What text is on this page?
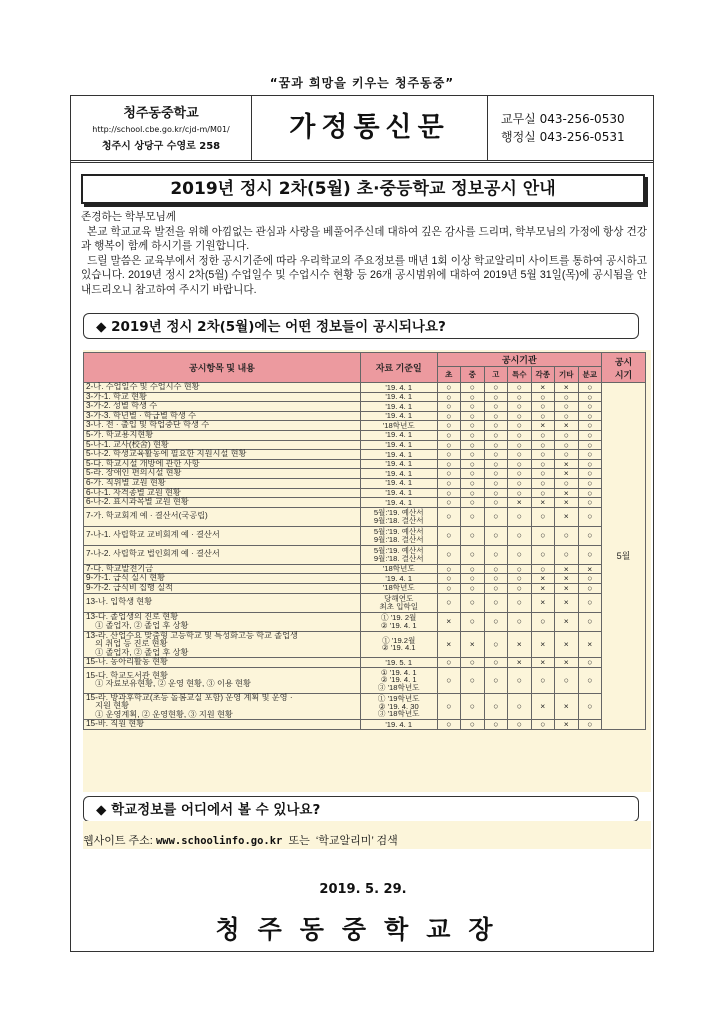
“꿈과 희망을 키우는 청주동중”
청주동중학교
http://school.cbe.go.kr/cjd-m/M01/
청주시 상당구 수영로 258
가정통신문	교무실 043-256-0530
행정실 043-256-0531
2019년 정시 2차(5월) 초·중등학교 정보공시 안내

존경하는 학부모님께

본교 학교교육 발전을 위해 아낌없는 관심과 사랑을 베풀어주신데 대하여 깊은 감사를 드리며, 학부모님의 가정에 항상 건강과 행복이 함께 하시기를 기원합니다.

드릴 말씀은 교육부에서 정한 공시기준에 따라 우리학교의 주요정보를 매년 1회 이상 학교알리미 사이트를 통하여 공시하고 있습니다. 2019년 정시 2차(5월) 수업일수 및 수업시수 현황 등 26개 공시범위에 대하여 2019년 5월 31일(목)에 공시됨을 안내드리오니 참고하여 주시기 바랍니다.

◆ 2019년 정시 2차(5월)에는 어떤 정보들이 공시되나요?
공시항목 및 내용	자료 기준일	공시기관							공시
시기
		초	중	고	특수	각종	기타	분교	
2-나. 수업일수 및 수업시수 현황	'19. 4. 1	○	○	○	○	×	×	○	5월
3-가-1. 학교 현황	'19. 4. 1	○	○	○	○	○	○	○	
3-가-2. 성별 학생 수	'19. 4. 1	○	○	○	○	○	○	○	
3-가-3. 학년별 · 학급별 학생 수	'19. 4. 1	○	○	○	○	○	○	○	
3-나. 전 · 출입 및 학업중단 학생 수	'18학년도	○	○	○	○	×	×	○	
5-가. 학교용지현황	'19. 4. 1	○	○	○	○	○	○	○	
5-나-1. 교사(校舍) 현황	'19. 4. 1	○	○	○	○	○	○	○	
5-나-2. 학생교육활동에 필요한 지원시설 현황	'19. 4. 1	○	○	○	○	○	○	○	
5-다. 학교시설 개방에 관한 사항	'19. 4. 1	○	○	○	○	○	×	○	
5-라. 장애인 편의시설 현황	'19. 4. 1	○	○	○	○	○	×	○	
6-가. 직위별 교원 현황	'19. 4. 1	○	○	○	○	○	○	○	
6-나-1. 자격종별 교원 현황	'19. 4. 1	○	○	○	○	○	×	○	
6-나-2. 표시과목별 교원 현황	'19. 4. 1	○	○	○	×	×	×	○	
7-가. 학교회계 예 · 결산서(국공립)	5월:'19. 예산서
9월:'18. 결산서	○	○	○	○	○	×	○	
7-나-1. 사립학교 교비회계 예 · 결산서	5월:'19. 예산서
9월:'18. 결산서	○	○	○	○	○	○	○	
7-나-2. 사립학교 법인회계 예 · 결산서	5월:'19. 예산서
9월:'18. 결산서	○	○	○	○	○	○	○	
7-다. 학교발전기금	'18학년도	○	○	○	○	○	×	×	
9-가-1. 급식 실시 현황	'19. 4. 1	○	○	○	○	×	×	○	
9-가-2. 급식비 집행 실적	'18학년도	○	○	○	○	×	×	○	
13-나. 입학생 현황	당해연도
최초 입학일	○	○	○	○	×	×	○	
13-다. 졸업생의 진로 현황
① 졸업자, ② 졸업 후 상황	① '19. 2월
② '19. 4. 1	×	○	○	○	○	×	○	
13-라. 산업수요 맞춤형 고등학교 및 특성화고등 학교 졸업생
의 취업 등 진로 현황
① 졸업자, ② 졸업 후 상황	① '19.2월
② '19. 4.1	×	×	○	×	×	×	×	
15-나. 동아리활동 현황	'19. 5. 1	○	○	○	×	×	×	○	
15-다. 학교도서관 현황
① 자료보유현황, ② 운영 현황, ③ 이용 현황	① '19. 4. 1
② '19. 4. 1
③ '18학년도	○	○	○	○	○	○	○	
15-라. 방과후학교(초등 돌봄교실 포함) 운영 계획 및 운영 ·
지원 현황
① 운영계획, ② 운영현황, ③ 지원 현황	① '19학년도
② '19. 4. 30
③ '18학년도	○	○	○	○	×	×	○	
15-바. 직원 현황	'19. 4. 1	○	○	○	○	○	×	○	
◆ 학교정보를 어디에서 볼 수 있나요?
웹사이트 주소: www.schoolinfo.go.kr  또는  ‘학교알리미’ 검색
2019. 5. 29.
청주동중학교장
